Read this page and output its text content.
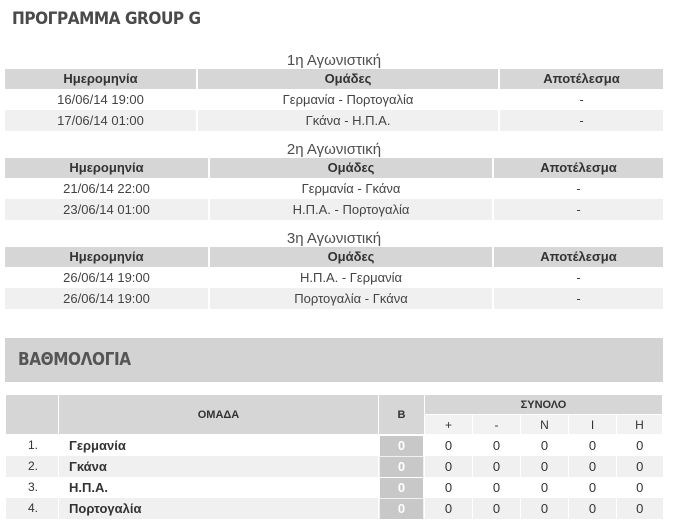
ΠΡΟΓΡΑΜΜΑ GROUP G
1η Αγωνιστική
Ημερομηνία	Ομάδες	Αποτέλεσμα
16/06/14 19:00	Γερμανία - Πορτογαλία	-
17/06/14 01:00	Γκάνα - Η.Π.Α.	-
2η Αγωνιστική
Ημερομηνία	Ομάδες	Αποτέλεσμα
21/06/14 22:00	Γερμανία - Γκάνα	-
23/06/14 01:00	Η.Π.Α. - Πορτογαλία	-
3η Αγωνιστική
Ημερομηνία	Ομάδες	Αποτέλεσμα
26/06/14 19:00	Η.Π.Α. - Γερμανία	-
26/06/14 19:00	Πορτογαλία - Γκάνα	-
ΒΑΘΜΟΛΟΓΙΑ
	ΟΜΑΔΑ	Β	ΣΥΝΟΛΟ				
			+	-	Ν	Ι	Η
1.	Γερμανία	0	0	0	0	0	0
2.	Γκάνα	0	0	0	0	0	0
3.	Η.Π.Α.	0	0	0	0	0	0
4.	Πορτογαλία	0	0	0	0	0	0
